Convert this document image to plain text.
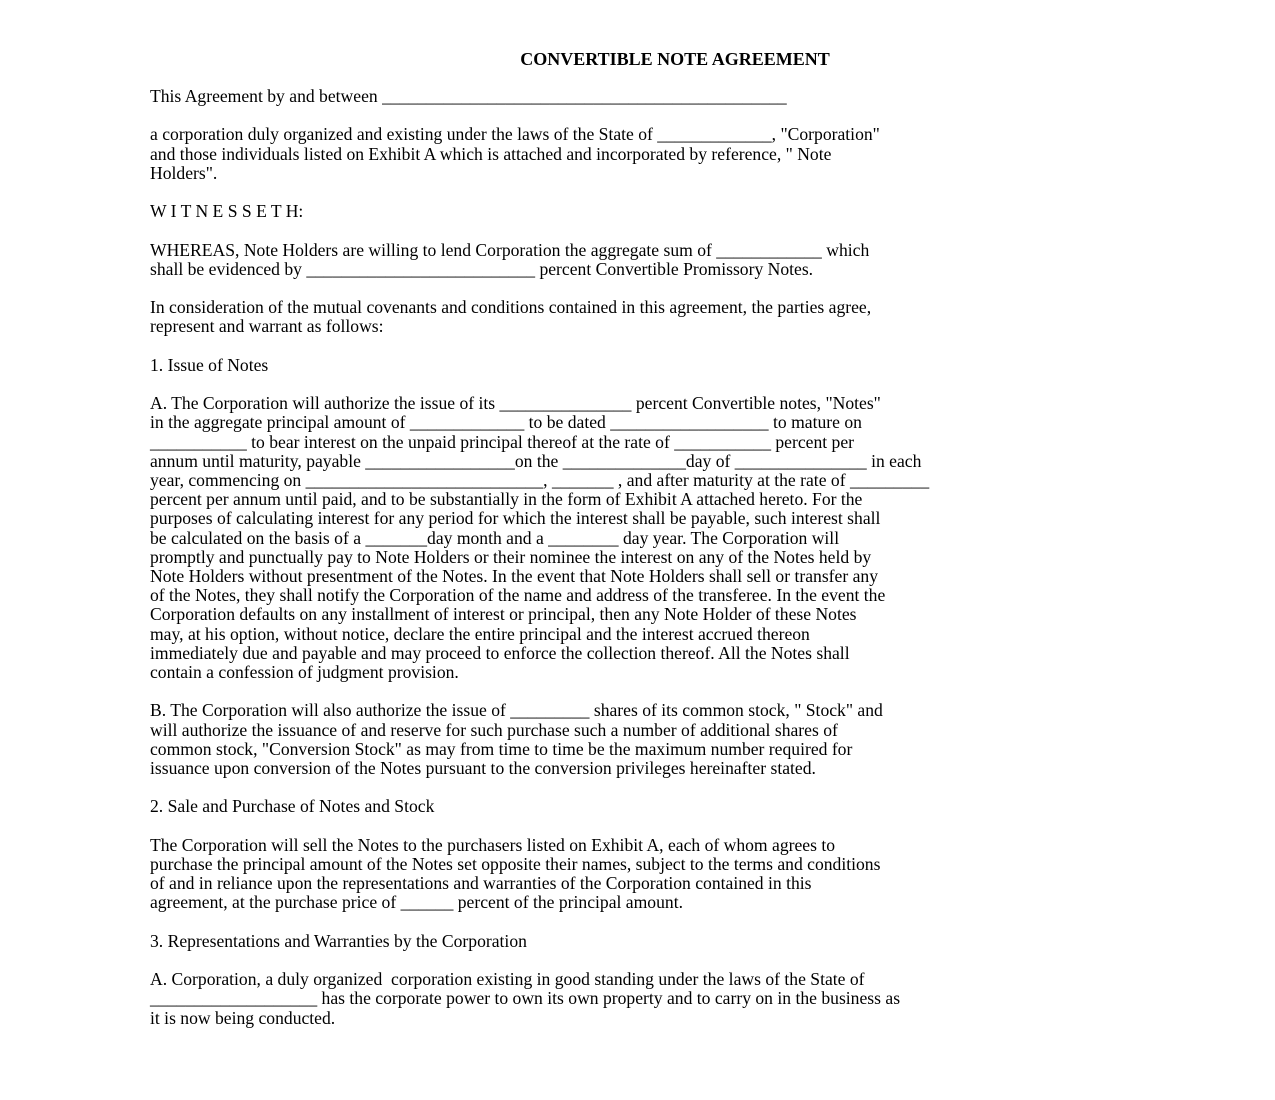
CONVERTIBLE NOTE AGREEMENT
This Agreement by and between ______________________________________________
a corporation duly organized and existing under the laws of the State of _____________, "Corporation"
and those individuals listed on Exhibit A which is attached and incorporated by reference, " Note
Holders".
W I T N E S S E T H:
WHEREAS, Note Holders are willing to lend Corporation the aggregate sum of ____________ which
shall be evidenced by __________________________ percent Convertible Promissory Notes.
In consideration of the mutual covenants and conditions contained in this agreement, the parties agree,
represent and warrant as follows:
1. Issue of Notes
A. The Corporation will authorize the issue of its _______________ percent Convertible notes, "Notes"
in the aggregate principal amount of _____________ to be dated __________________ to mature on
___________ to bear interest on the unpaid principal thereof at the rate of ___________ percent per
annum until maturity, payable _________________on the ______________day of _______________ in each
year, commencing on ___________________________, _______ , and after maturity at the rate of _________
percent per annum until paid, and to be substantially in the form of Exhibit A attached hereto. For the
purposes of calculating interest for any period for which the interest shall be payable, such interest shall
be calculated on the basis of a _______day month and a ________ day year. The Corporation will
promptly and punctually pay to Note Holders or their nominee the interest on any of the Notes held by
Note Holders without presentment of the Notes. In the event that Note Holders shall sell or transfer any
of the Notes, they shall notify the Corporation of the name and address of the transferee. In the event the
Corporation defaults on any installment of interest or principal, then any Note Holder of these Notes
may, at his option, without notice, declare the entire principal and the interest accrued thereon
immediately due and payable and may proceed to enforce the collection thereof. All the Notes shall
contain a confession of judgment provision.
B. The Corporation will also authorize the issue of _________ shares of its common stock, " Stock" and
will authorize the issuance of and reserve for such purchase such a number of additional shares of
common stock, "Conversion Stock" as may from time to time be the maximum number required for
issuance upon conversion of the Notes pursuant to the conversion privileges hereinafter stated.
2. Sale and Purchase of Notes and Stock
The Corporation will sell the Notes to the purchasers listed on Exhibit A, each of whom agrees to
purchase the principal amount of the Notes set opposite their names, subject to the terms and conditions
of and in reliance upon the representations and warranties of the Corporation contained in this
agreement, at the purchase price of ______ percent of the principal amount.
3. Representations and Warranties by the Corporation
A. Corporation, a duly organized  corporation existing in good standing under the laws of the State of
___________________ has the corporate power to own its own property and to carry on in the business as
it is now being conducted.
